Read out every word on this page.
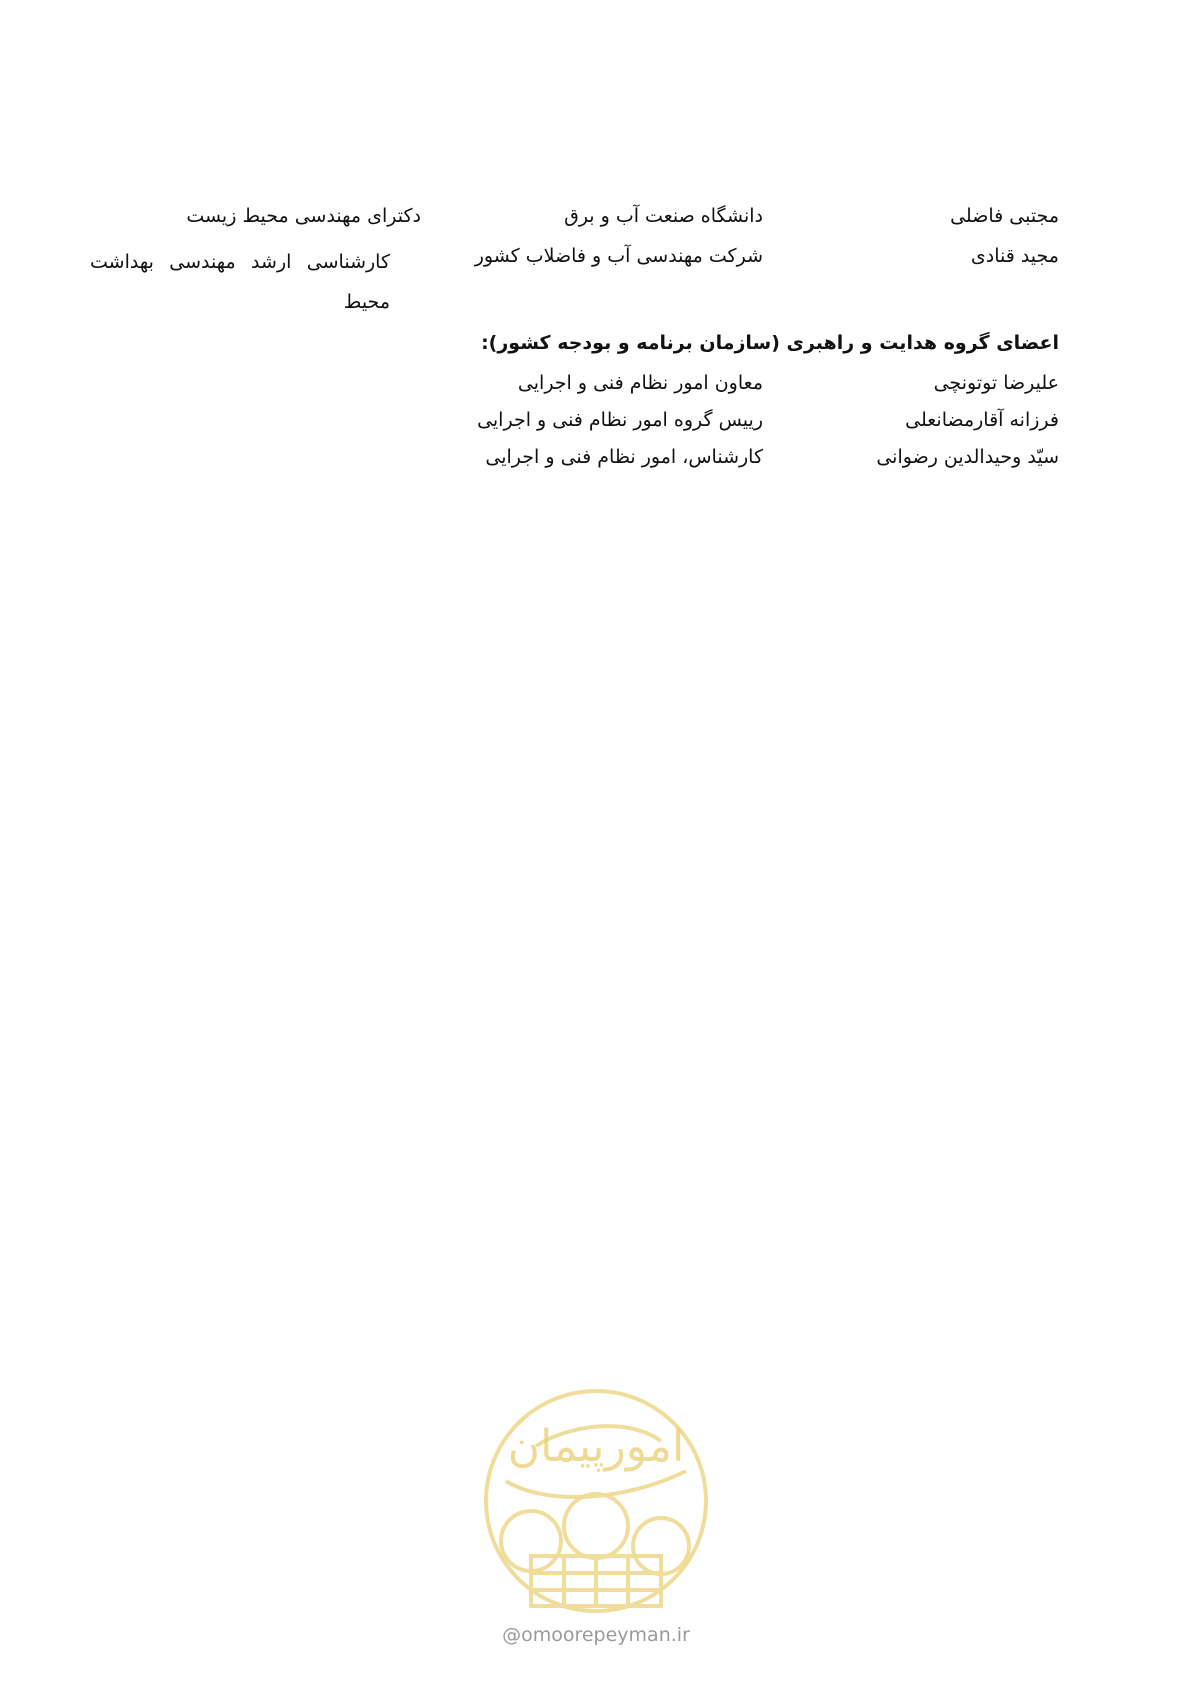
مجتبی فاضلی
دانشگاه صنعت آب و برق
دکترای مهندسی محیط زیست
مجید قنادی
شرکت مهندسی آب و فاضلاب کشور
کارشناسی ارشد مهندسی بهداشت محیط
اعضای گروه هدایت و راهبری (سازمان برنامه و بودجه کشور):
علیرضا توتونچی
معاون امور نظام فنی و اجرایی
فرزانه آقارمضانعلی
رییس گروه امور نظام فنی و اجرایی
سیّد وحیدالدین رضوانی
کارشناس، امور نظام فنی و اجرایی
امورپیمان
@omoorepeyman.ir
